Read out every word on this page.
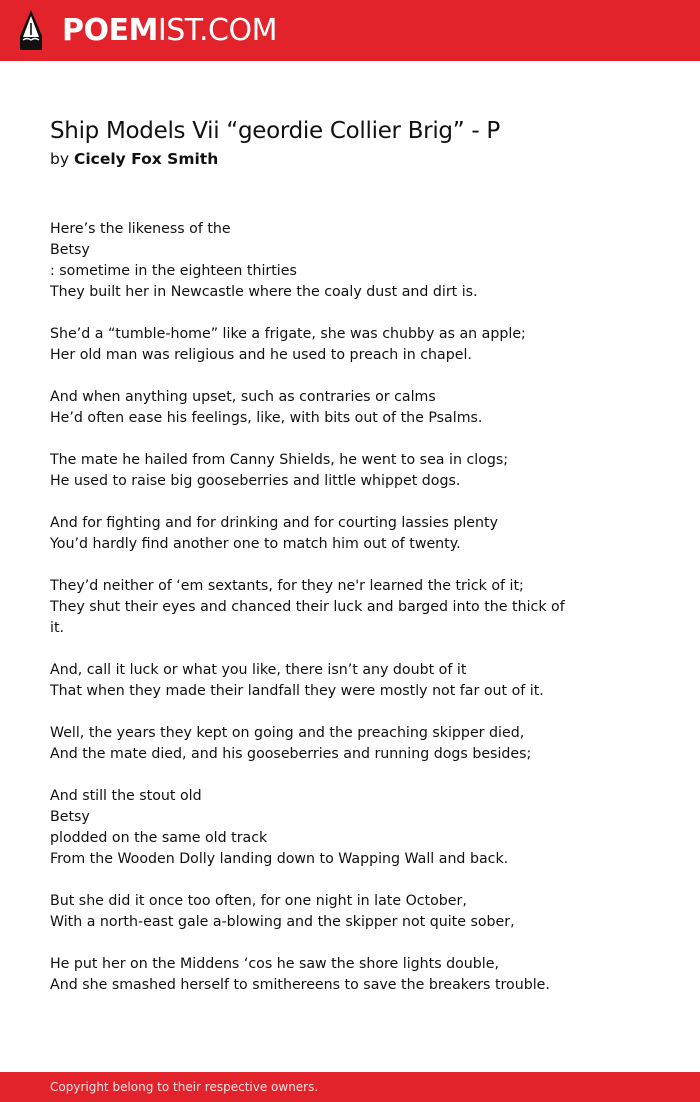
POEMIST.COM
Ship Models Vii “geordie Collier Brig” - P
by Cicely Fox Smith
Here’s the likeness of the
Betsy
: sometime in the eighteen thirties
They built her in Newcastle where the coaly dust and dirt is.
She’d a “tumble-home” like a frigate, she was chubby as an apple;
Her old man was religious and he used to preach in chapel.
And when anything upset, such as contraries or calms
He’d often ease his feelings, like, with bits out of the Psalms.
The mate he hailed from Canny Shields, he went to sea in clogs;
He used to raise big gooseberries and little whippet dogs.
And for fighting and for drinking and for courting lassies plenty
You’d hardly find another one to match him out of twenty.
They’d neither of ‘em sextants, for they ne'r learned the trick of it;
They shut their eyes and chanced their luck and barged into the thick of it.
And, call it luck or what you like, there isn’t any doubt of it
That when they made their landfall they were mostly not far out of it.
Well, the years they kept on going and the preaching skipper died,
And the mate died, and his gooseberries and running dogs besides;
And still the stout old
Betsy
plodded on the same old track
From the Wooden Dolly landing down to Wapping Wall and back.
But she did it once too often, for one night in late October,
With a north-east gale a-blowing and the skipper not quite sober,
He put her on the Middens ‘cos he saw the shore lights double,
And she smashed herself to smithereens to save the breakers trouble.
Copyright belong to their respective owners.
